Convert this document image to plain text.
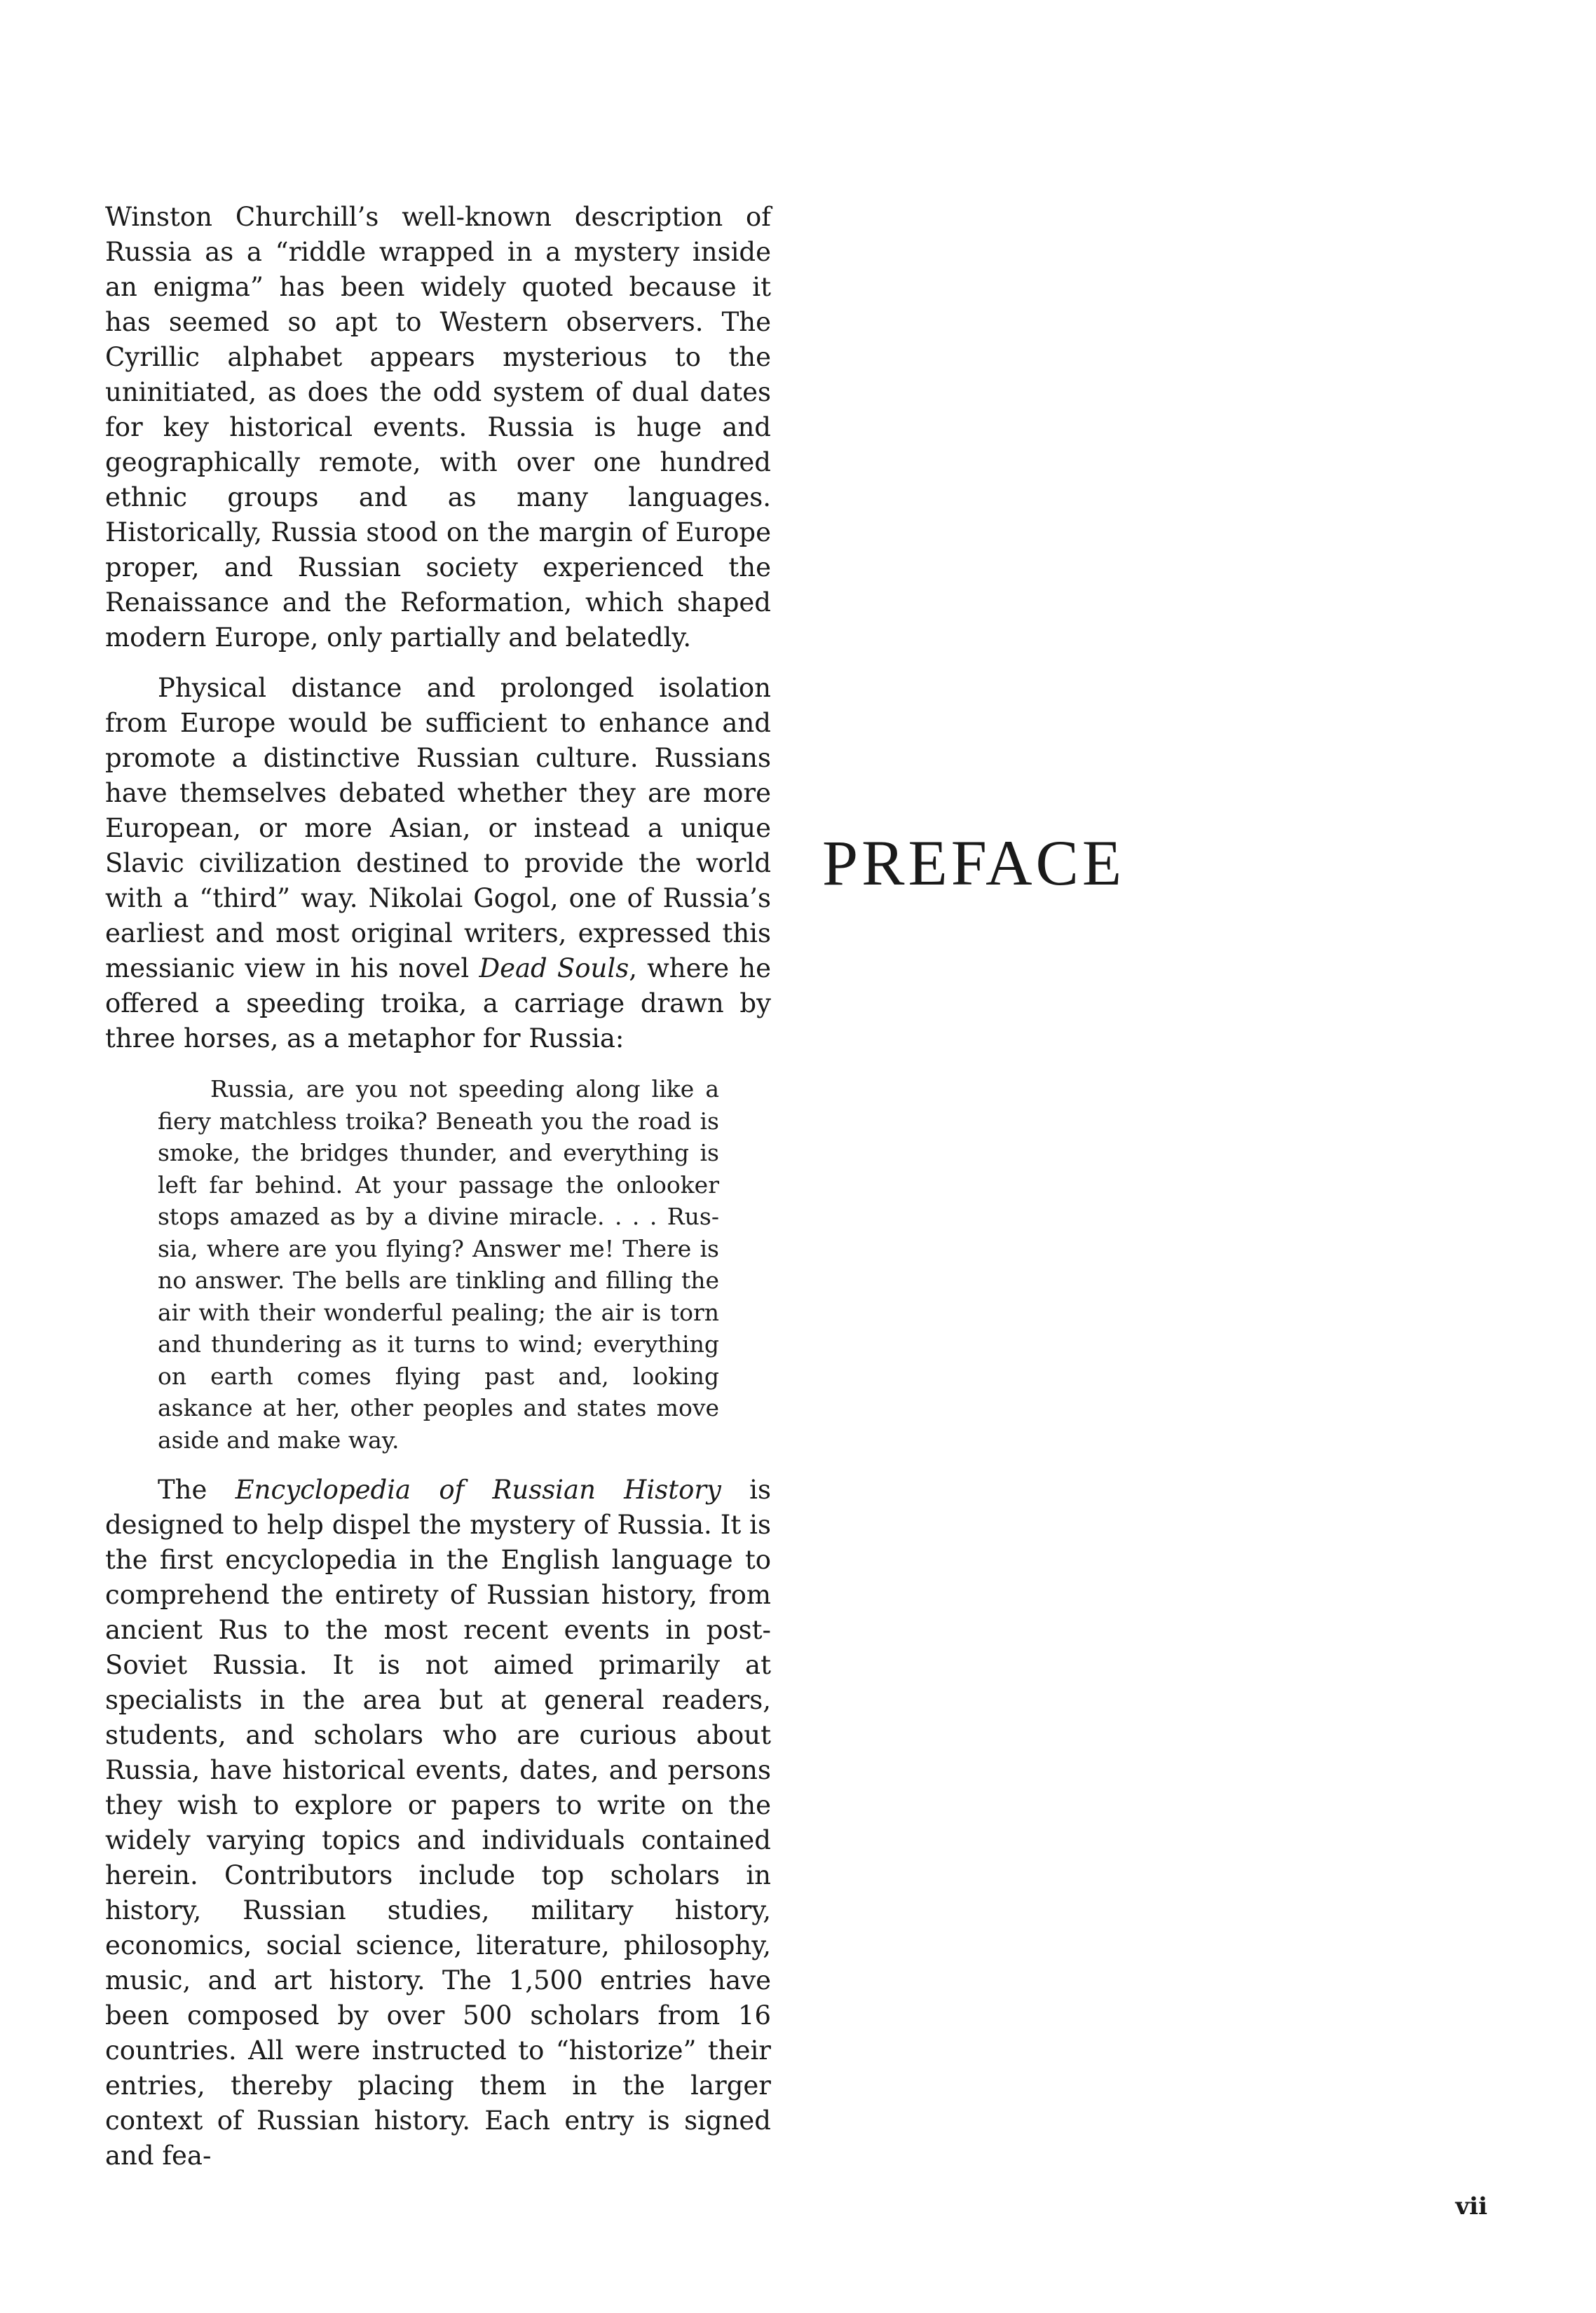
Winston Churchill’s well-known description of Russia as a “riddle wrapped in a mystery inside an enigma” has been widely quoted because it has seemed so apt to Western observers. The Cyrillic alphabet appears mysterious to the uninitiated, as does the odd system of dual dates for key historical events. Russia is huge and geographically remote, with over one hundred ethnic groups and as many languages. Historically, Russia stood on the margin of Europe proper, and Russian society experienced the Renaissance and the Reformation, which shaped modern Europe, only partially and belatedly.

Physical distance and prolonged isolation from Europe would be sufficient to enhance and promote a distinctive Russian culture. Russians have themselves debated whether they are more European, or more Asian, or instead a unique Slavic civilization destined to provide the world with a “third” way. Nikolai Gogol, one of Russia’s earliest and most original writers, expressed this messianic view in his novel Dead Souls, where he offered a speeding troika, a carriage drawn by three horses, as a metaphor for Russia:

Russia, are you not speeding along like a fiery matchless troika? Beneath you the road is smoke, the bridges thunder, and everything is left far behind. At your passage the onlooker stops amazed as by a divine miracle. . . . Russia, where are you flying? Answer me! There is no answer. The bells are tinkling and filling the air with their wonderful pealing; the air is torn and thundering as it turns to wind; everything on earth comes flying past and, looking askance at her, other peoples and states move aside and make way.

The Encyclopedia of Russian History is designed to help dispel the mystery of Russia. It is the first encyclopedia in the English language to comprehend the entirety of Russian history, from ancient Rus to the most recent events in post-Soviet Russia. It is not aimed primarily at specialists in the area but at general readers, students, and scholars who are curious about Russia, have historical events, dates, and persons they wish to explore or papers to write on the widely varying topics and individuals contained herein. Contributors include top scholars in history, Russian studies, military history, economics, social science, literature, philosophy, music, and art history. The 1,500 entries have been composed by over 500 scholars from 16 countries. All were instructed to “historize” their entries, thereby placing them in the larger context of Russian history. Each entry is signed and fea-

PREFACE
vii
